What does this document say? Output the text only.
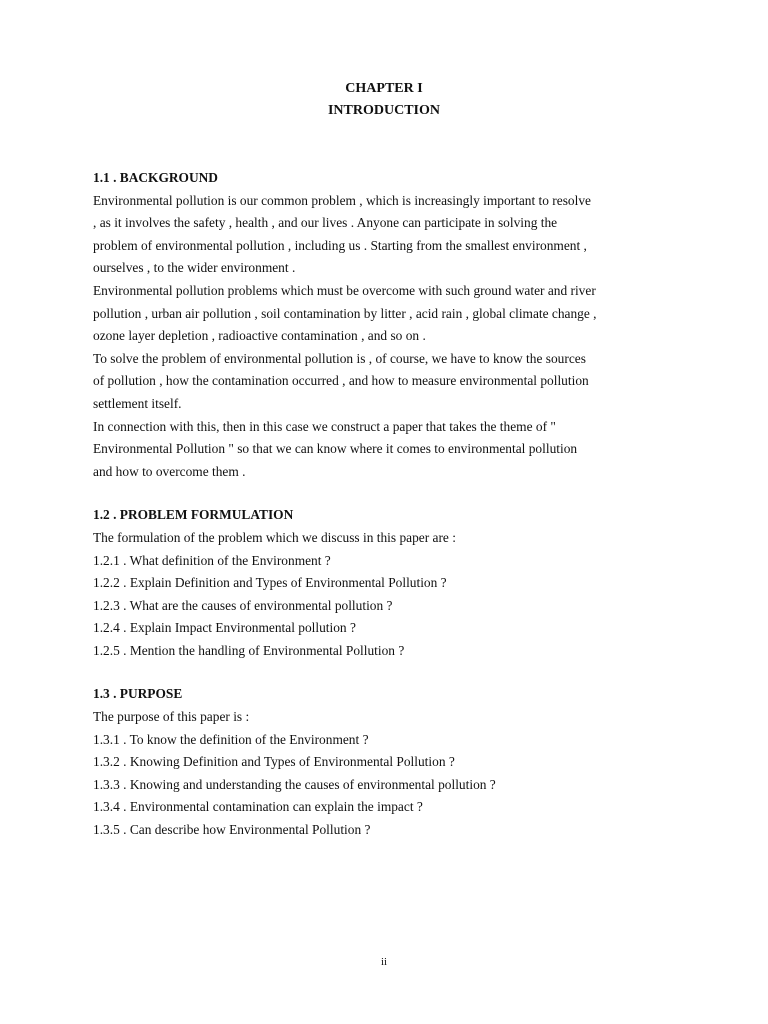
CHAPTER I
INTRODUCTION
1.1 . BACKGROUND
Environmental pollution is our common problem , which is increasingly important to resolve
, as it involves the safety , health , and our lives . Anyone can participate in solving the
problem of environmental pollution , including us . Starting from the smallest environment ,
ourselves , to the wider environment .
Environmental pollution problems which must be overcome with such ground water and river
pollution , urban air pollution , soil contamination by litter , acid rain , global climate change ,
ozone layer depletion , radioactive contamination , and so on .
To solve the problem of environmental pollution is , of course, we have to know the sources
of pollution , how the contamination occurred , and how to measure environmental pollution
settlement itself.
In connection with this, then in this case we construct a paper that takes the theme of "
Environmental Pollution " so that we can know where it comes to environmental pollution
and how to overcome them .
1.2 . PROBLEM FORMULATION
The formulation of the problem which we discuss in this paper are :
1.2.1 . What definition of the Environment ?
1.2.2 . Explain Definition and Types of Environmental Pollution ?
1.2.3 . What are the causes of environmental pollution ?
1.2.4 . Explain Impact Environmental pollution ?
1.2.5 . Mention the handling of Environmental Pollution ?
1.3 . PURPOSE
The purpose of this paper is :
1.3.1 . To know the definition of the Environment ?
1.3.2 . Knowing Definition and Types of Environmental Pollution ?
1.3.3 . Knowing and understanding the causes of environmental pollution ?
1.3.4 . Environmental contamination can explain the impact ?
1.3.5 . Can describe how Environmental Pollution ?
ii
